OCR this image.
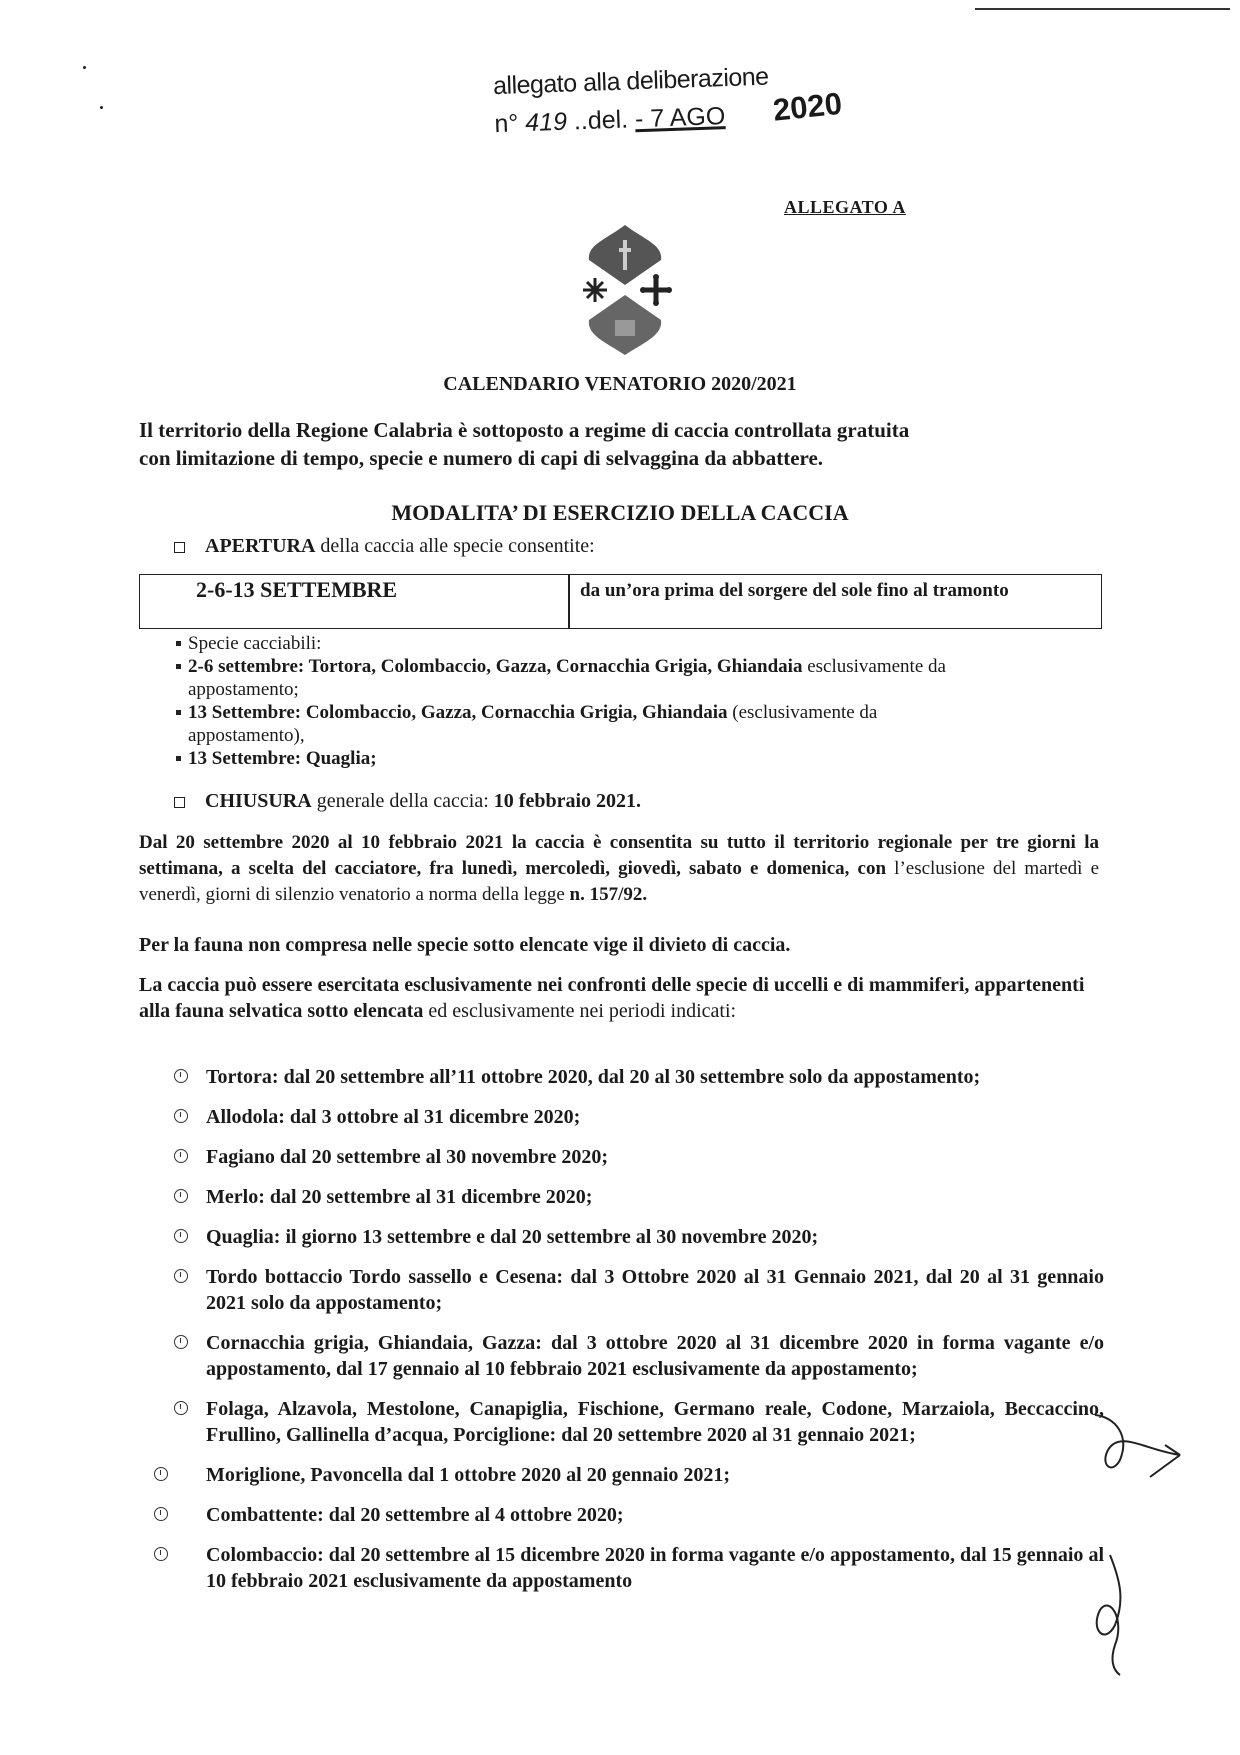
allegato alla deliberazione
n° 419 ..del. - 7 AGO 2020
ALLEGATO A
CALENDARIO VENATORIO 2020/2021
Il territorio della Regione Calabria è sottoposto a regime di caccia controllata gratuita
con limitazione di tempo, specie e numero di capi di selvaggina da abbattere.
MODALITA’ DI ESERCIZIO DELLA CACCIA
APERTURA della caccia alle specie consentite:
2-6-13 SETTEMBRE	da un’ora prima del sorgere del sole fino al tramonto
Specie cacciabili:
2-6 settembre: Tortora, Colombaccio, Gazza, Cornacchia Grigia, Ghiandaia esclusivamente da
appostamento;
13 Settembre: Colombaccio, Gazza, Cornacchia Grigia, Ghiandaia (esclusivamente da
appostamento),
13 Settembre: Quaglia;
CHIUSURA generale della caccia: 10 febbraio 2021.
Dal 20 settembre 2020 al 10 febbraio 2021 la caccia è consentita su tutto il territorio regionale per tre giorni la settimana, a scelta del cacciatore, fra lunedì, mercoledì, giovedì, sabato e domenica, con l’esclusione del martedì e venerdì, giorni di silenzio venatorio a norma della legge n. 157/92.
Per la fauna non compresa nelle specie sotto elencate vige il divieto di caccia.
La caccia può essere esercitata esclusivamente nei confronti delle specie di uccelli e di mammiferi, appartenenti alla fauna selvatica sotto elencata ed esclusivamente nei periodi indicati:
Tortora: dal 20 settembre all’11 ottobre 2020, dal 20 al 30 settembre solo da appostamento;
Allodola: dal 3 ottobre al 31 dicembre 2020;
Fagiano dal 20 settembre al 30 novembre 2020;
Merlo: dal 20 settembre al 31 dicembre 2020;
Quaglia: il giorno 13 settembre e dal 20 settembre al 30 novembre 2020;
Tordo bottaccio Tordo sassello e Cesena: dal 3 Ottobre 2020 al 31 Gennaio 2021, dal 20 al 31 gennaio 2021 solo da appostamento;
Cornacchia grigia, Ghiandaia, Gazza: dal 3 ottobre 2020 al 31 dicembre 2020 in forma vagante e/o appostamento, dal 17 gennaio al 10 febbraio 2021 esclusivamente da appostamento;
Folaga, Alzavola, Mestolone, Canapiglia, Fischione, Germano reale, Codone, Marzaiola, Beccaccino, Frullino, Gallinella d’acqua, Porciglione: dal 20 settembre 2020 al 31 gennaio 2021;
Moriglione, Pavoncella dal 1 ottobre 2020 al 20 gennaio 2021;
Combattente: dal 20 settembre al 4 ottobre 2020;
Colombaccio: dal 20 settembre al 15 dicembre 2020 in forma vagante e/o appostamento, dal 15 gennaio al 10 febbraio 2021 esclusivamente da appostamento
